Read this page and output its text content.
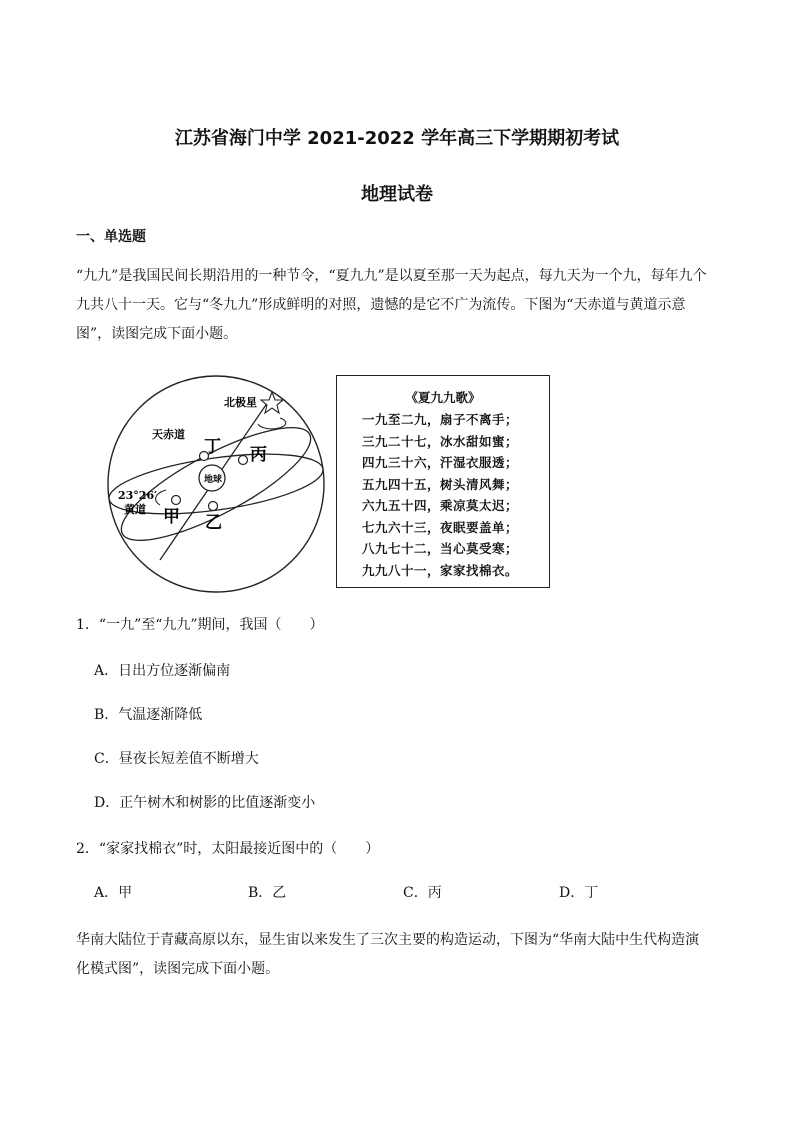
江苏省海门中学 2021-2022 学年高三下学期期初考试
地理试卷
一、单选题
“九九”是我国民间长期沿用的一种节令，“夏九九”是以夏至那一天为起点，每九天为一个九，每年九个
九共八十一天。它与“冬九九”形成鲜明的对照，遗憾的是它不广为流传。下图为“天赤道与黄道示意
图”，读图完成下面小题。
北极星
天赤道
丁 丙
地球
23°26′
黄道 甲 乙
《夏九九歌》
一九至二九，扇子不离手；
三九二十七，冰水甜如蜜；
四九三十六，汗湿衣服透；
五九四十五，树头清风舞；
六九五十四，乘凉莫太迟；
七九六十三，夜眠要盖单；
八九七十二，当心莫受寒；
九九八十一，家家找棉衣。
1．“一九”至“九九”期间，我国（　　）
A．日出方位逐渐偏南
B．气温逐渐降低
C．昼夜长短差值不断增大
D．正午树木和树影的比值逐渐变小
2．“家家找棉衣”时，太阳最接近图中的（　　）
A．甲	B．乙	C．丙	D．丁
华南大陆位于青藏高原以东，显生宙以来发生了三次主要的构造运动，下图为“华南大陆中生代构造演
化模式图”，读图完成下面小题。
